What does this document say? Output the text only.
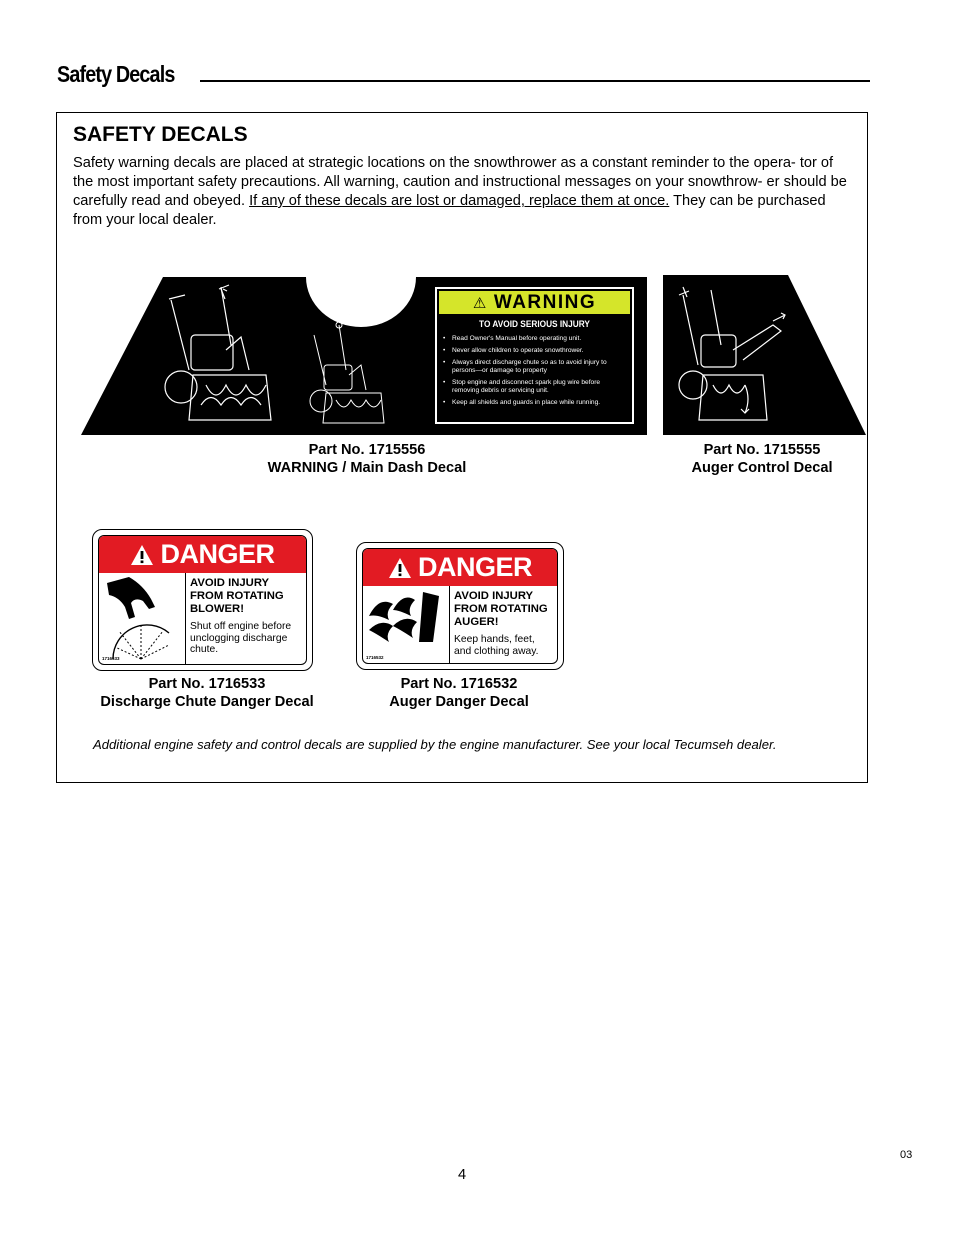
Safety Decals
SAFETY DECALS
Safety warning decals are placed at strategic locations on the snowthrower as a constant reminder to the opera- tor of the most important safety precautions. All warning, caution and instructional messages on your snowthrow- er should be carefully read and obeyed. If any of these decals are lost or damaged, replace them at once. They can be purchased from your local dealer.
⚠ WARNING
TO AVOID SERIOUS INJURY
• Read Owner's Manual before operating unit.
• Never allow children to operate snowthrower.
• Always direct discharge chute so as to avoid injury to persons—or damage to property
• Stop engine and disconnect spark plug wire before removing debris or servicing unit.
• Keep all shields and guards in place while running.
Part No. 1715556
WARNING / Main Dash Decal
Part No. 1715555
Auger Control Decal
DANGER
AVOID INJURY FROM ROTATING BLOWER!
Shut off engine before unclogging discharge chute.
1716533
DANGER
AVOID INJURY FROM ROTATING AUGER!
Keep hands, feet, and clothing away.
1716532
Part No. 1716533
Discharge Chute Danger Decal
Part No. 1716532
Auger Danger Decal
Additional engine safety and control decals are supplied by the engine manufacturer. See your local Tecumseh dealer.
03
4
